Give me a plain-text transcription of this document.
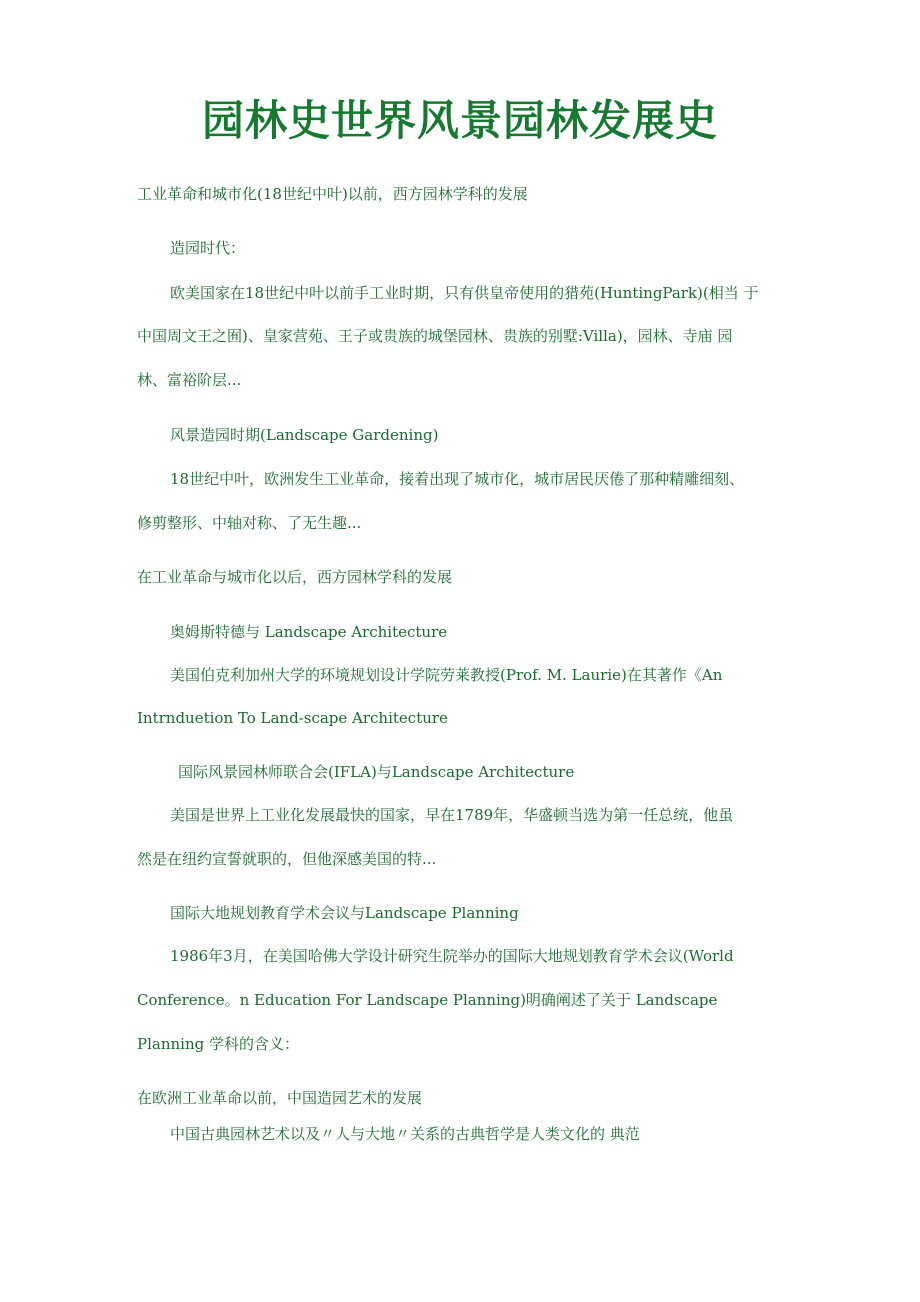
园林史世界风景园林发展史
工业革命和城市化(18世纪中叶)以前，西方园林学科的发展
造园时代：
欧美国家在18世纪中叶以前手工业时期，只有供皇帝使用的猎苑(HuntingPark)(相当 于
中国周文王之囿)、皇家营苑、王子或贵族的城堡园林、贵族的别墅:Villa)，园林、寺庙 园
林、富裕阶层...
风景造园时期(Landscape Gardening)
18世纪中叶，欧洲发生工业革命，接着出现了城市化，城市居民厌倦了那种精雕细刻、
修剪整形、中轴对称、了无生趣...
在工业革命与城市化以后，西方园林学科的发展
奥姆斯特德与 Landscape Architecture
美国伯克利加州大学的环境规划设计学院劳莱教授(Prof. M. Laurie)在其著作《An
Intrnduetion To Land-scape Architecture
国际风景园林师联合会(IFLA)与Landscape Architecture
美国是世界上工业化发展最快的国家，早在1789年，华盛顿当选为第一任总统，他虽
然是在纽约宣誓就职的，但他深感美国的特...
国际大地规划教育学术会议与Landscape Planning
1986年3月，在美国哈佛大学设计研究生院举办的国际大地规划教育学术会议(World
Conference。n Education For Landscape Planning)明确阐述了关于 Landscape
Planning 学科的含义：
在欧洲工业革命以前，中国造园艺术的发展
中国古典园林艺术以及〃人与大地〃关系的古典哲学是人类文化的 典范
